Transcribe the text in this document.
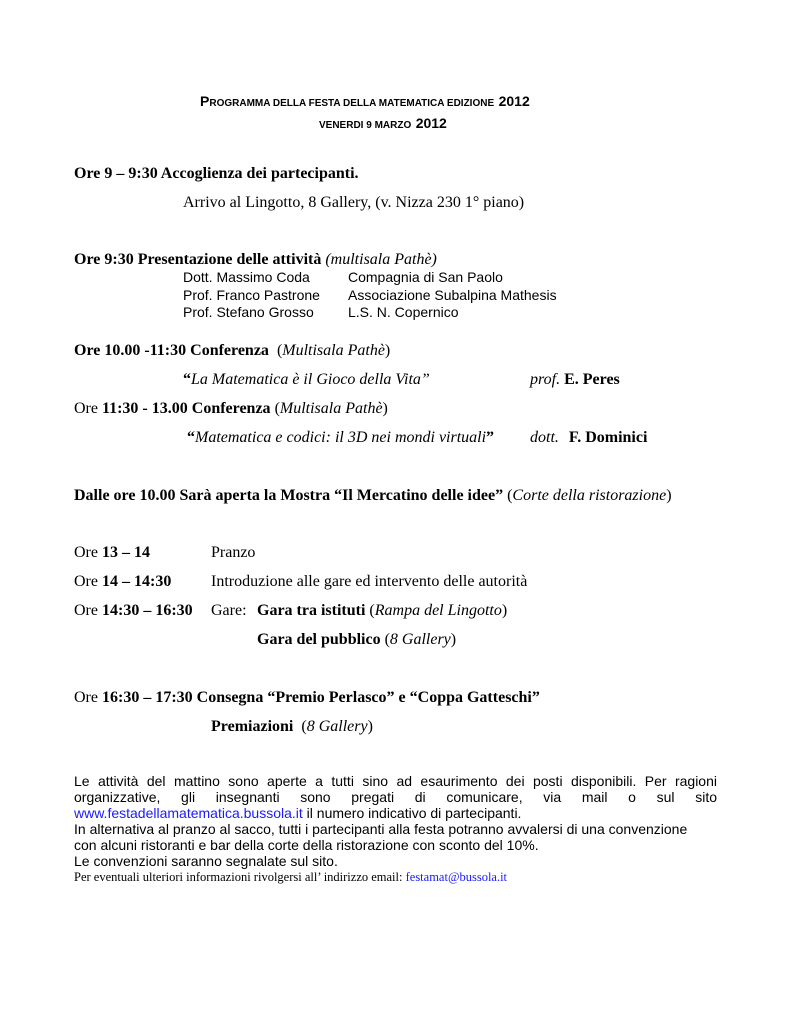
PROGRAMMA DELLA FESTA DELLA MATEMATICA EDIZIONE 2012
VENERDI 9 MARZO 2012
Ore 9 – 9:30 Accoglienza dei partecipanti.
Arrivo al Lingotto, 8 Gallery, (v. Nizza 230 1° piano)
Ore 9:30 Presentazione delle attività (multisala Pathè)
Dott. Massimo Coda
Prof. Franco Pastrone
Prof. Stefano Grosso
Compagnia di San Paolo
Associazione Subalpina Mathesis
L.S. N. Copernico
Ore 10.00 -11:30 Conferenza (Multisala Pathè)
“La Matematica è il Gioco della Vita”	prof. E. Peres
Ore 11:30 - 13.00 Conferenza (Multisala Pathè)
“Matematica e codici: il 3D nei mondi virtuali” dott. F. Dominici
Dalle ore 10.00 Sarà aperta la Mostra “Il Mercatino delle idee” (Corte della ristorazione)
Ore 13 – 14	Pranzo
Ore 14 – 14:30 Introduzione alle gare ed intervento delle autorità
Ore 14:30 – 16:30 Gare: Gara tra istituti (Rampa del Lingotto)
Gara del pubblico (8 Gallery)
Ore 16:30 – 17:30 Consegna “Premio Perlasco” e “Coppa Gatteschi”
Premiazioni (8 Gallery)
Le attività del mattino sono aperte a tutti sino ad esaurimento dei posti disponibili. Per ragioni
organizzative, gli insegnanti sono pregati di comunicare, via mail o sul sito
www.festadellamatematica.bussola.it il numero indicativo di partecipanti.
In alternativa al pranzo al sacco, tutti i partecipanti alla festa potranno avvalersi di una convenzione
con alcuni ristoranti e bar della corte della ristorazione con sconto del 10%.
Le convenzioni saranno segnalate sul sito.
Per eventuali ulteriori informazioni rivolgersi all’ indirizzo email: festamat@bussola.it
